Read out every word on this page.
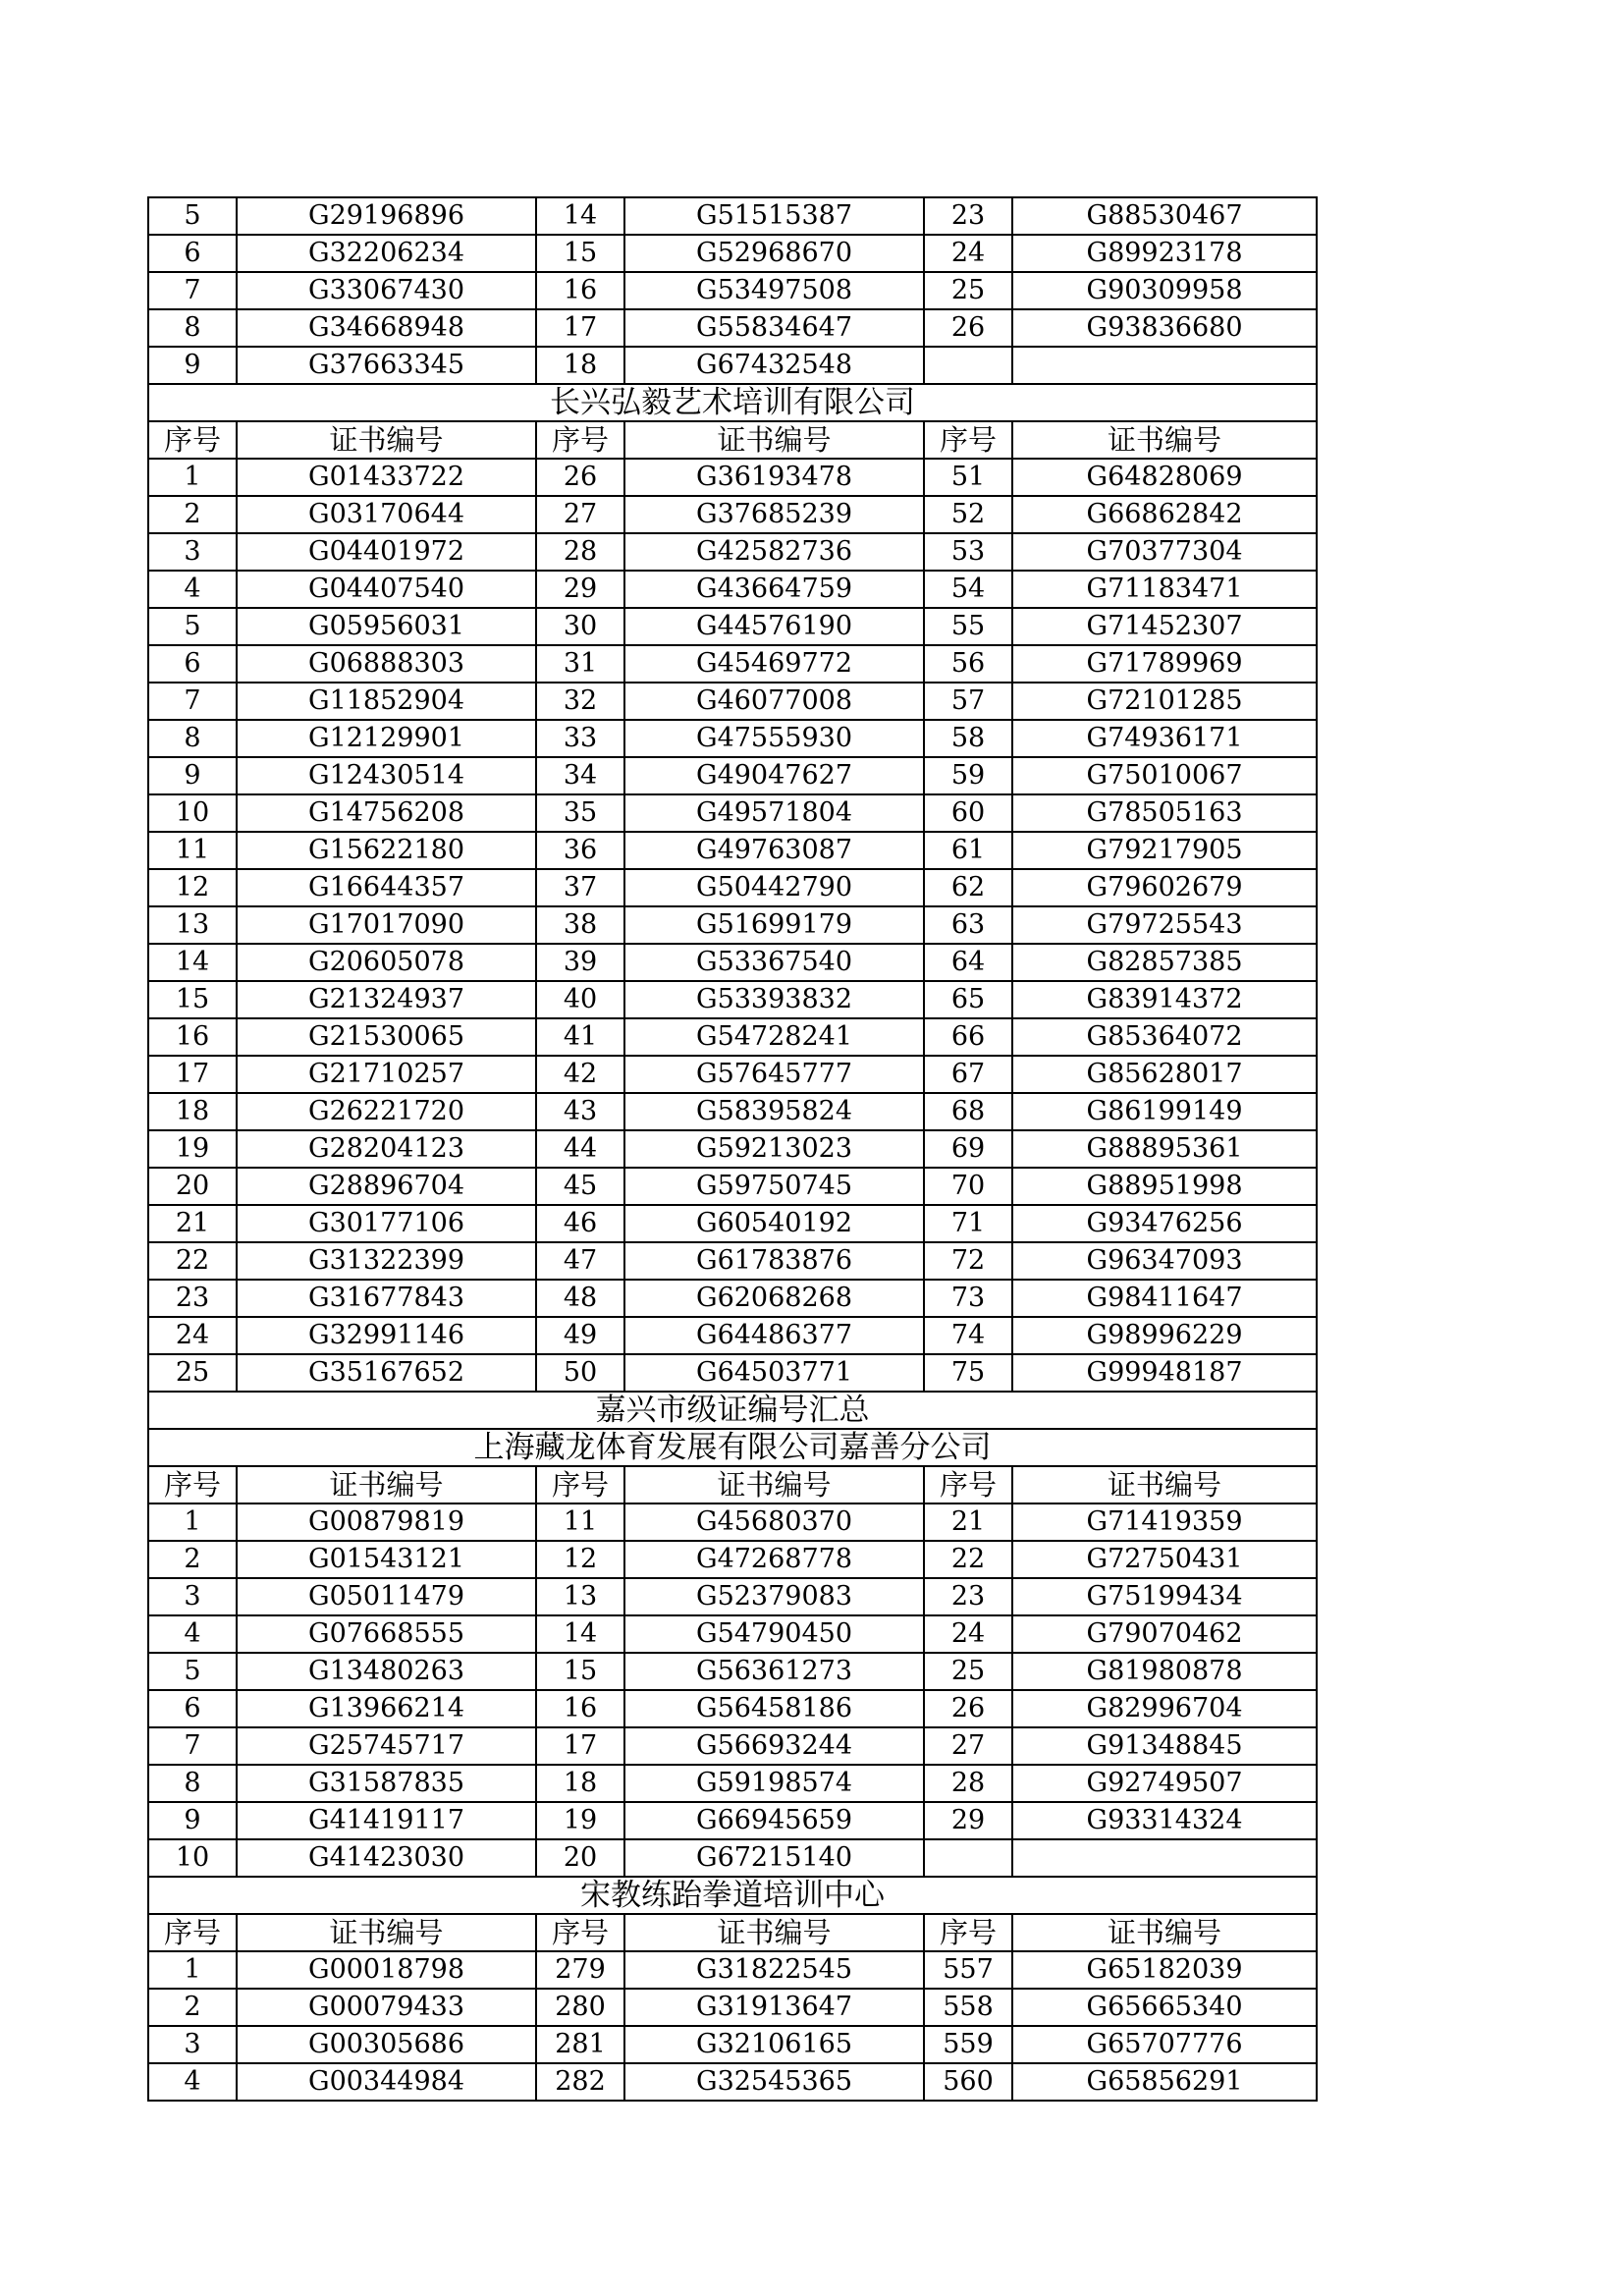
5	G29196896	14	G51515387	23	G88530467
6	G32206234	15	G52968670	24	G89923178
7	G33067430	16	G53497508	25	G90309958
8	G34668948	17	G55834647	26	G93836680
9	G37663345	18	G67432548		
长兴弘毅艺术培训有限公司					
序号	证书编号	序号	证书编号	序号	证书编号
1	G01433722	26	G36193478	51	G64828069
2	G03170644	27	G37685239	52	G66862842
3	G04401972	28	G42582736	53	G70377304
4	G04407540	29	G43664759	54	G71183471
5	G05956031	30	G44576190	55	G71452307
6	G06888303	31	G45469772	56	G71789969
7	G11852904	32	G46077008	57	G72101285
8	G12129901	33	G47555930	58	G74936171
9	G12430514	34	G49047627	59	G75010067
10	G14756208	35	G49571804	60	G78505163
11	G15622180	36	G49763087	61	G79217905
12	G16644357	37	G50442790	62	G79602679
13	G17017090	38	G51699179	63	G79725543
14	G20605078	39	G53367540	64	G82857385
15	G21324937	40	G53393832	65	G83914372
16	G21530065	41	G54728241	66	G85364072
17	G21710257	42	G57645777	67	G85628017
18	G26221720	43	G58395824	68	G86199149
19	G28204123	44	G59213023	69	G88895361
20	G28896704	45	G59750745	70	G88951998
21	G30177106	46	G60540192	71	G93476256
22	G31322399	47	G61783876	72	G96347093
23	G31677843	48	G62068268	73	G98411647
24	G32991146	49	G64486377	74	G98996229
25	G35167652	50	G64503771	75	G99948187
嘉兴市级证编号汇总					
上海藏龙体育发展有限公司嘉善分公司					
序号	证书编号	序号	证书编号	序号	证书编号
1	G00879819	11	G45680370	21	G71419359
2	G01543121	12	G47268778	22	G72750431
3	G05011479	13	G52379083	23	G75199434
4	G07668555	14	G54790450	24	G79070462
5	G13480263	15	G56361273	25	G81980878
6	G13966214	16	G56458186	26	G82996704
7	G25745717	17	G56693244	27	G91348845
8	G31587835	18	G59198574	28	G92749507
9	G41419117	19	G66945659	29	G93314324
10	G41423030	20	G67215140		
宋教练跆拳道培训中心					
序号	证书编号	序号	证书编号	序号	证书编号
1	G00018798	279	G31822545	557	G65182039
2	G00079433	280	G31913647	558	G65665340
3	G00305686	281	G32106165	559	G65707776
4	G00344984	282	G32545365	560	G65856291
